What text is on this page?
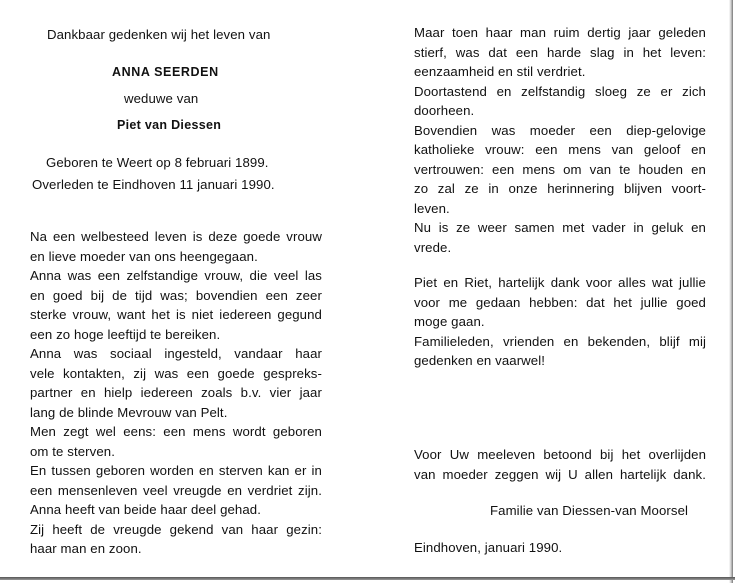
Dankbaar gedenken wij het leven van
ANNA SEERDEN
weduwe van
Piet van Diessen
Geboren te Weert op 8 februari 1899.
Overleden te Eindhoven 11 januari 1990.
Na een welbesteed leven is deze goede vrouw
en lieve moeder van ons heengegaan.
Anna was een zelfstandige vrouw, die veel las
en goed bij de tijd was; bovendien een zeer
sterke vrouw, want het is niet iedereen gegund
een zo hoge leeftijd te bereiken.
Anna was sociaal ingesteld, vandaar haar
vele kontakten, zij was een goede gespreks-
partner en hielp iedereen zoals b.v. vier jaar
lang de blinde Mevrouw van Pelt.
Men zegt wel eens: een mens wordt geboren
om te sterven.
En tussen geboren worden en sterven kan er in
een mensenleven veel vreugde en verdriet zijn.
Anna heeft van beide haar deel gehad.
Zij heeft de vreugde gekend van haar gezin:
haar man en zoon.
Maar toen haar man ruim dertig jaar geleden
stierf, was dat een harde slag in het leven:
eenzaamheid en stil verdriet.
Doortastend en zelfstandig sloeg ze er zich
doorheen.
Bovendien was moeder een diep-gelovige
katholieke vrouw: een mens van geloof en
vertrouwen: een mens om van te houden en
zo zal ze in onze herinnering blijven voort-
leven.
Nu is ze weer samen met vader in geluk en
vrede.
Piet en Riet, hartelijk dank voor alles wat jullie
voor me gedaan hebben: dat het jullie goed
moge gaan.
Familieleden, vrienden en bekenden, blijf mij
gedenken en vaarwel!
Voor Uw meeleven betoond bij het overlijden
van moeder zeggen wij U allen hartelijk dank.
Familie van Diessen-van Moorsel
Eindhoven, januari 1990.
